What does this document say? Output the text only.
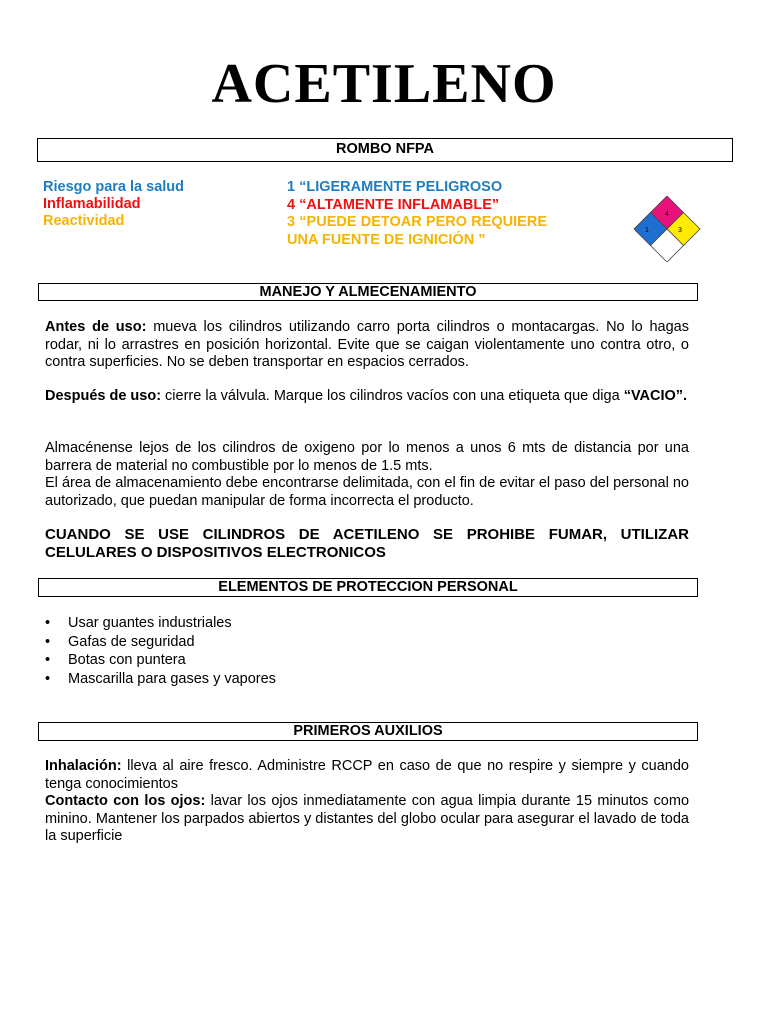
ACETILENO
ROMBO NFPA
Riesgo para la salud
Inflamabilidad
Reactividad
1 “LIGERAMENTE PELIGROSO
4 “ALTAMENTE INFLAMABLE”
3 “PUEDE DETOAR PERO REQUIERE UNA FUENTE DE IGNICIÓN ”
4
1	3
MANEJO Y ALMECENAMIENTO

Antes de uso: mueva los cilindros utilizando carro porta cilindros o montacargas. No lo hagas rodar, ni lo arrastres en posición horizontal. Evite que se caigan violentamente uno contra otro, o contra superficies. No se deben transportar en espacios cerrados.

Después de uso: cierre la válvula. Marque los cilindros vacíos con una etiqueta que diga “VACIO”.

Almacénense lejos de los cilindros de oxigeno por lo menos a unos 6 mts de distancia por una barrera de material no combustible por lo menos de 1.5 mts.

El área de almacenamiento debe encontrarse delimitada, con el fin de evitar el paso del personal no autorizado, que puedan manipular de forma incorrecta el producto.

CUANDO SE USE CILINDROS DE ACETILENO SE PROHIBE FUMAR, UTILIZAR CELULARES O DISPOSITIVOS ELECTRONICOS

ELEMENTOS DE PROTECCION PERSONAL
• Usar guantes industriales
• Gafas de seguridad
• Botas con puntera
• Mascarilla para gases y vapores
PRIMEROS AUXILIOS

Inhalación: lleva al aire fresco. Administre RCCP en caso de que no respire y siempre y cuando tenga conocimientos

Contacto con los ojos: lavar los ojos inmediatamente con agua limpia durante 15 minutos como minino. Mantener los parpados abiertos y distantes del globo ocular para asegurar el lavado de toda la superficie
